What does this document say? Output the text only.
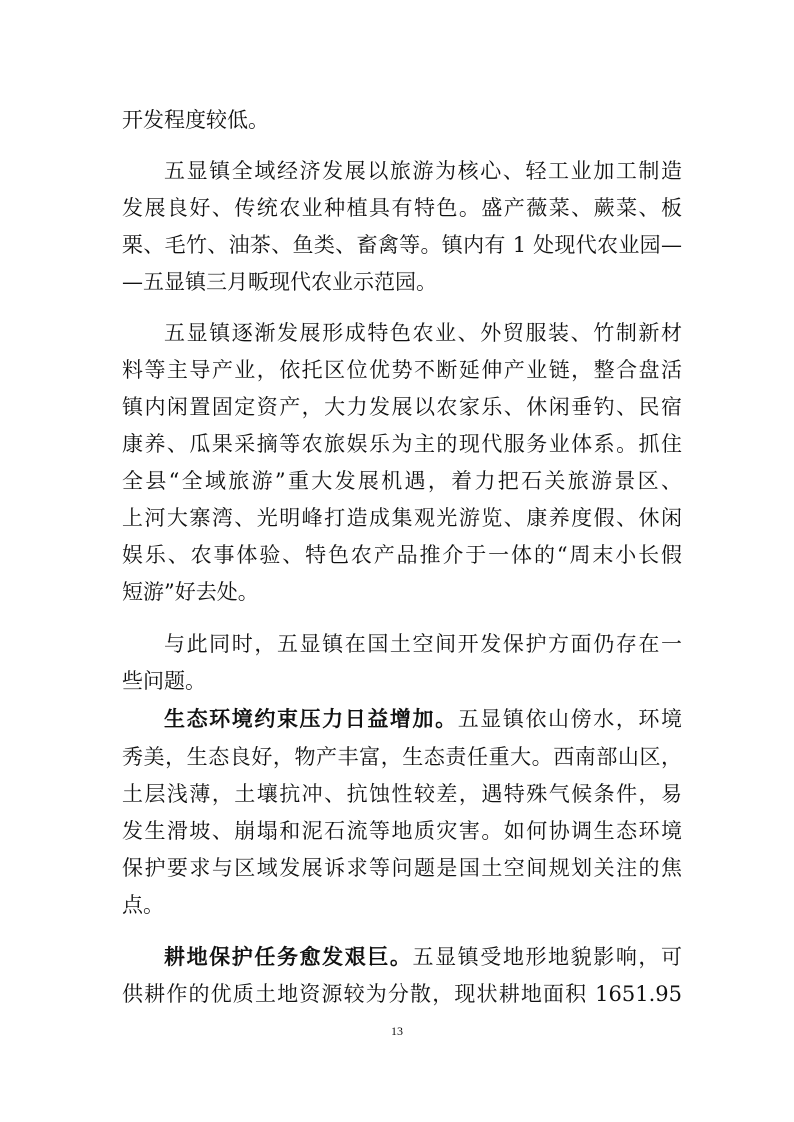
开发程度较低。
五显镇全域经济发展以旅游为核心、轻工业加工制造
发展良好、传统农业种植具有特色。盛产薇菜、蕨菜、板
栗、毛竹、油茶、鱼类、畜禽等。镇内有 1 处现代农业园—
—五显镇三月畈现代农业示范园。
五显镇逐渐发展形成特色农业、外贸服装、竹制新材
料等主导产业，依托区位优势不断延伸产业链，整合盘活
镇内闲置固定资产，大力发展以农家乐、休闲垂钓、民宿
康养、瓜果采摘等农旅娱乐为主的现代服务业体系。抓住
全县“全域旅游”重大发展机遇，着力把石关旅游景区、
上河大寨湾、光明峰打造成集观光游览、康养度假、休闲
娱乐、农事体验、特色农产品推介于一体的“周末小长假
短游”好去处。
与此同时，五显镇在国土空间开发保护方面仍存在一
些问题。
生态环境约束压力日益增加。五显镇依山傍水，环境
秀美，生态良好，物产丰富，生态责任重大。西南部山区，
土层浅薄，土壤抗冲、抗蚀性较差，遇特殊气候条件，易
发生滑坡、崩塌和泥石流等地质灾害。如何协调生态环境
保护要求与区域发展诉求等问题是国土空间规划关注的焦
点。
耕地保护任务愈发艰巨。五显镇受地形地貌影响，可
供耕作的优质土地资源较为分散，现状耕地面积 1651.95
13
